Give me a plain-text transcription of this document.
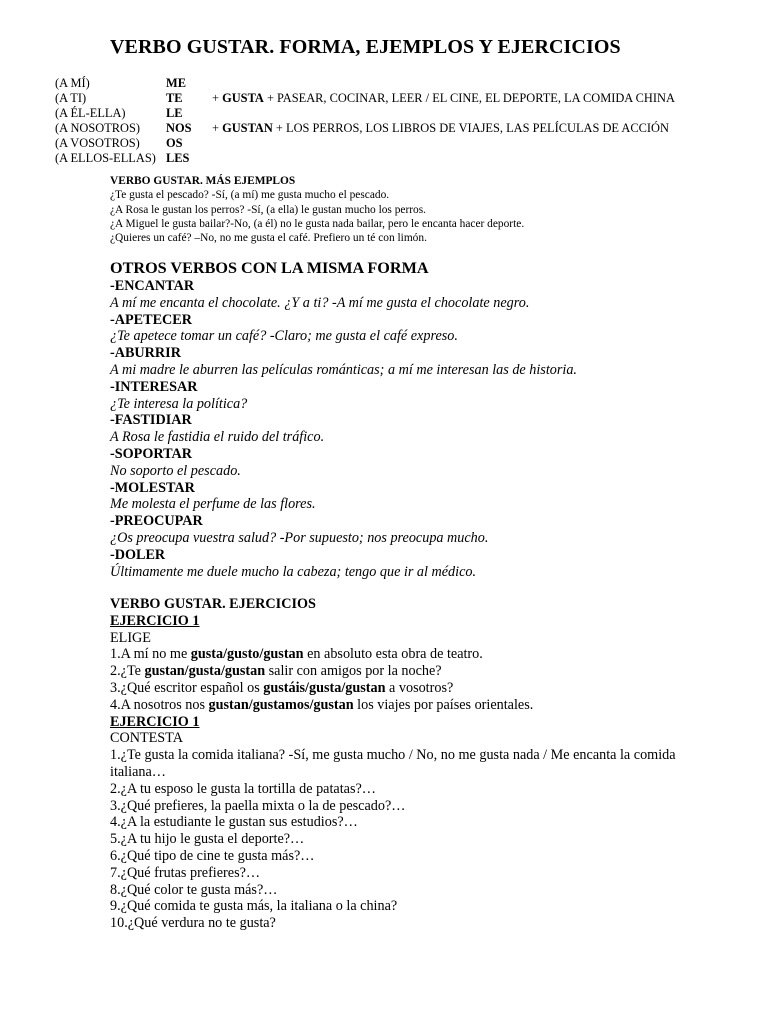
VERBO GUSTAR. FORMA, EJEMPLOS Y EJERCICIOS
(A MÍ)	ME
(A TI)	TE	+ GUSTA + PASEAR, COCINAR, LEER / EL CINE, EL DEPORTE, LA COMIDA CHINA
(A ÉL-ELLA)	LE
(A NOSOTROS)	NOS	+ GUSTAN + LOS PERROS, LOS LIBROS DE VIAJES, LAS PELÍCULAS DE ACCIÓN
(A VOSOTROS)	OS
(A ELLOS-ELLAS) LES
VERBO GUSTAR. MÁS EJEMPLOS
¿Te gusta el pescado? -Sí, (a mí) me gusta mucho el pescado.
¿A Rosa le gustan los perros? -Sí, (a ella) le gustan mucho los perros.
¿A Miguel le gusta bailar?-No, (a él) no le gusta nada bailar, pero le encanta hacer deporte.
¿Quieres un café? –No, no me gusta el café. Prefiero un té con limón.
OTROS VERBOS CON LA MISMA FORMA
-ENCANTAR
A mí me encanta el chocolate. ¿Y a ti? -A mí me gusta el chocolate negro.
-APETECER
¿Te apetece tomar un café? -Claro; me gusta el café expreso.
-ABURRIR
A mi madre le aburren las películas románticas; a mí me interesan las de historia.
-INTERESAR
¿Te interesa la política?
-FASTIDIAR
A Rosa le fastidia el ruido del tráfico.
-SOPORTAR
No soporto el pescado.
-MOLESTAR
Me molesta el perfume de las flores.
-PREOCUPAR
¿Os preocupa vuestra salud? -Por supuesto; nos preocupa mucho.
-DOLER
Últimamente me duele mucho la cabeza; tengo que ir al médico.
VERBO GUSTAR. EJERCICIOS
EJERCICIO 1
ELIGE
1.A mí no me gusta/gusto/gustan en absoluto esta obra de teatro.
2.¿Te gustan/gusta/gustan salir con amigos por la noche?
3.¿Qué escritor español os gustáis/gusta/gustan a vosotros?
4.A nosotros nos gustan/gustamos/gustan los viajes por países orientales.
EJERCICIO 1
CONTESTA
1.¿Te gusta la comida italiana? -Sí, me gusta mucho / No, no me gusta nada / Me encanta la comida italiana…
2.¿A tu esposo le gusta la tortilla de patatas?…
3.¿Qué prefieres, la paella mixta o la de pescado?…
4.¿A la estudiante le gustan sus estudios?…
5.¿A tu hijo le gusta el deporte?…
6.¿Qué tipo de cine te gusta más?…
7.¿Qué frutas prefieres?…
8.¿Qué color te gusta más?…
9.¿Qué comida te gusta más, la italiana o la china?
10.¿Qué verdura no te gusta?
